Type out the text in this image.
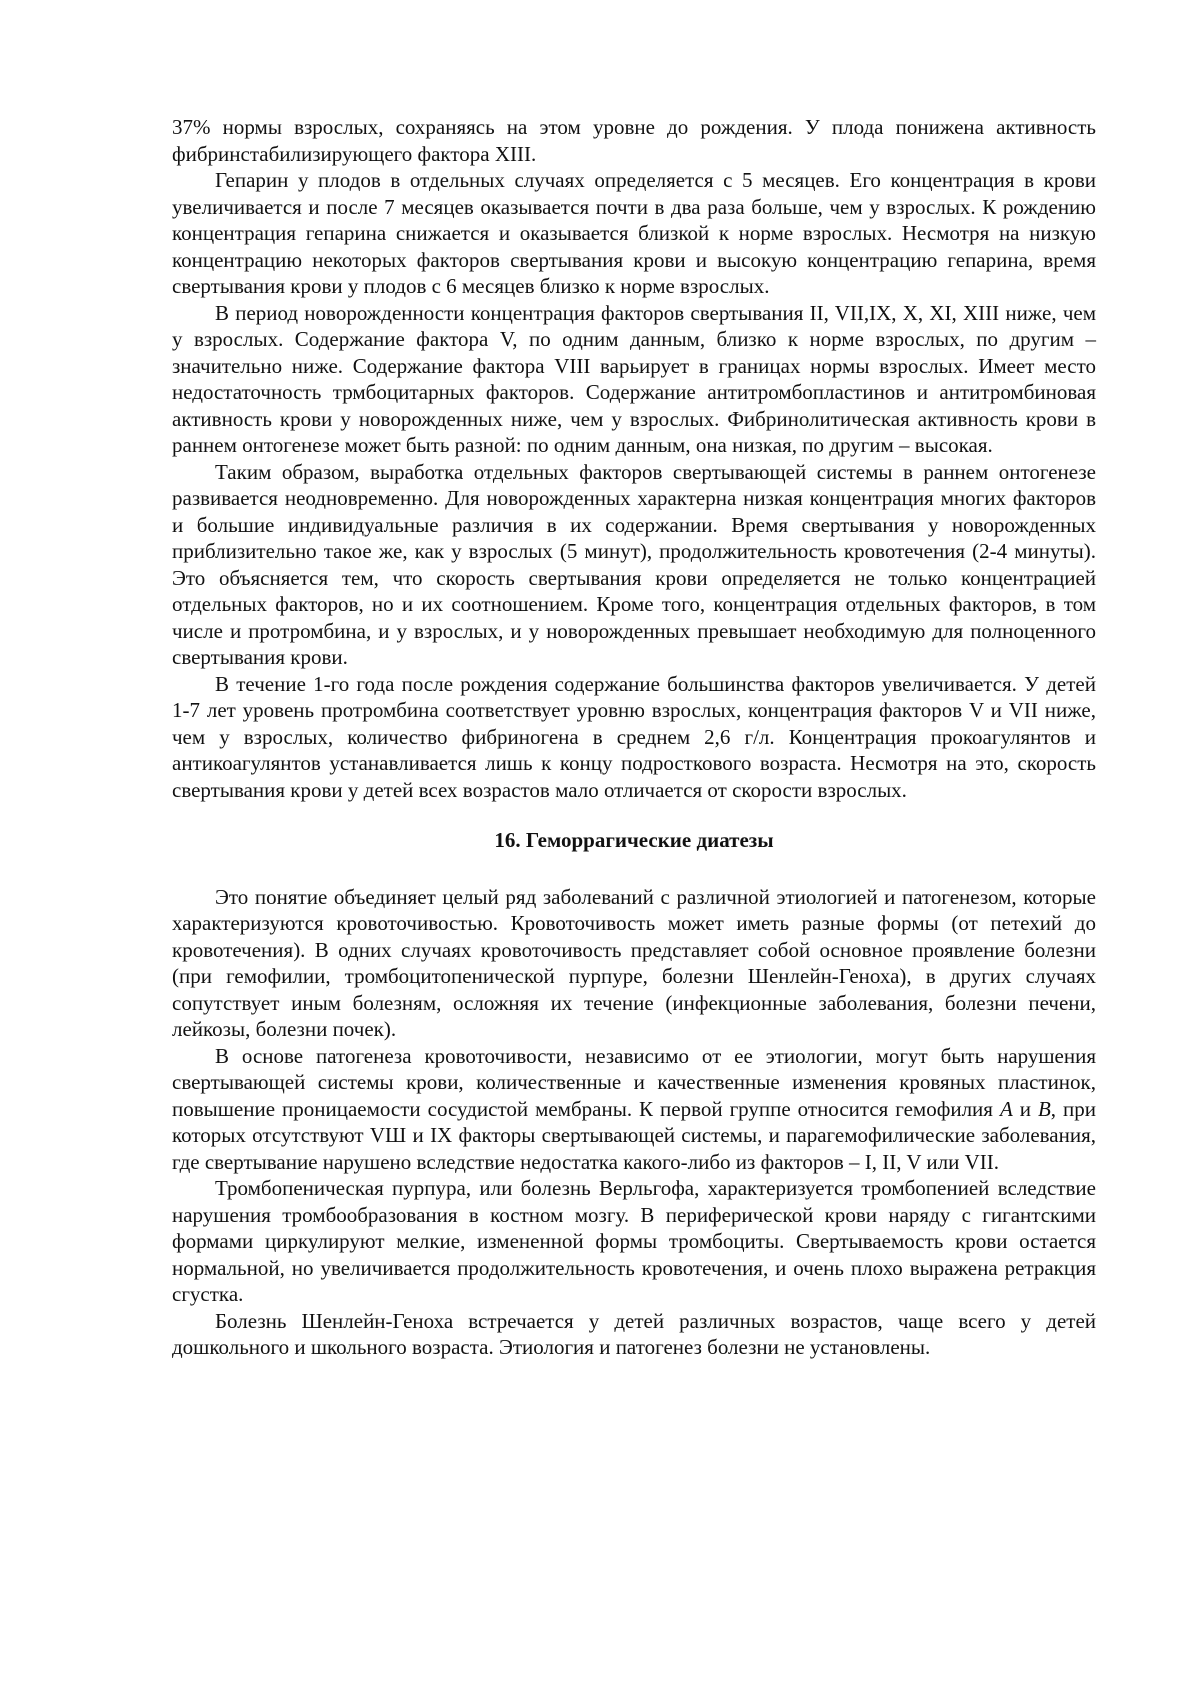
37% нормы взрослых, сохраняясь на этом уровне до рождения. У плода понижена активность фибринстабилизирующего фактора XIII.

Гепарин у плодов в отдельных случаях определяется с 5 месяцев. Его концентрация в крови увеличивается и после 7 месяцев оказывается почти в два раза больше, чем у взрослых. К рождению концентрация гепарина снижается и оказывается близкой к норме взрослых. Несмотря на низкую концентрацию некоторых факторов свертывания крови и высокую концентрацию гепарина, время свертывания крови у плодов с 6 месяцев близко к норме взрослых.

В период новорожденности концентрация факторов свертывания II, VII,IX, X, XI, XIII ниже, чем у взрослых. Содержание фактора V, по одним данным, близко к норме взрослых, по другим – значительно ниже. Содержание фактора VIII варьирует в границах нормы взрослых. Имеет место недостаточность трмбоцитарных факторов. Содержание антитромбопластинов и антитромбиновая активность крови у новорожденных ниже, чем у взрослых. Фибринолитическая активность крови в раннем онтогенезе может быть разной: по одним данным, она низкая, по другим – высокая.

Таким образом, выработка отдельных факторов свертывающей системы в раннем онтогенезе развивается неодновременно. Для новорожденных характерна низкая концентрация многих факторов и большие индивидуальные различия в их содержании. Время свертывания у новорожденных приблизительно такое же, как у взрослых (5 минут), продолжительность кровотечения (2-4 минуты). Это объясняется тем, что скорость свертывания крови определяется не только концентрацией отдельных факторов, но и их соотношением. Кроме того, концентрация отдельных факторов, в том числе и протромбина, и у взрослых, и у новорожденных превышает необходимую для полноценного свертывания крови.

В течение 1-го года после рождения содержание большинства факторов увеличивается. У детей 1-7 лет уровень протромбина соответствует уровню взрослых, концентрация факторов V и VII ниже, чем у взрослых, количество фибриногена в среднем 2,6 г/л. Концентрация прокоагулянтов и антикоагулянтов устанавливается лишь к концу подросткового возраста. Несмотря на это, скорость свертывания крови у детей всех возрастов мало отличается от скорости взрослых.

16. Геморрагические диатезы

Это понятие объединяет целый ряд заболеваний с различной этиологией и патогенезом, которые характеризуются кровоточивостью. Кровоточивость может иметь разные формы (от петехий до кровотечения). В одних случаях кровоточивость представляет собой основное проявление болезни (при гемофилии, тромбоцитопенической пурпуре, болезни Шенлейн-Геноха), в других случаях сопутствует иным болезням, осложняя их течение (инфекционные заболевания, болезни печени, лейкозы, болезни почек).

В основе патогенеза кровоточивости, независимо от ее этиологии, могут быть нарушения свертывающей системы крови, количественные и качественные изменения кровяных пластинок, повышение проницаемости сосудистой мембраны. К первой группе относится гемофилия А и В, при которых отсутствуют VШ и IX факторы свертывающей системы, и парагемофилические заболевания, где свертывание нарушено вследствие недостатка какого-либо из факторов – I, II, V или VII.

Тромбопеническая пурпура, или болезнь Верльгофа, характеризуется тромбопенией вследствие нарушения тромбообразования в костном мозгу. В периферической крови наряду с гигантскими формами циркулируют мелкие, измененной формы тромбоциты. Свертываемость крови остается нормальной, но увеличивается продолжительность кровотечения, и очень плохо выражена ретракция сгустка.

Болезнь Шенлейн-Геноха встречается у детей различных возрастов, чаще всего у детей дошкольного и школьного возраста. Этиология и патогенез болезни не установлены.
